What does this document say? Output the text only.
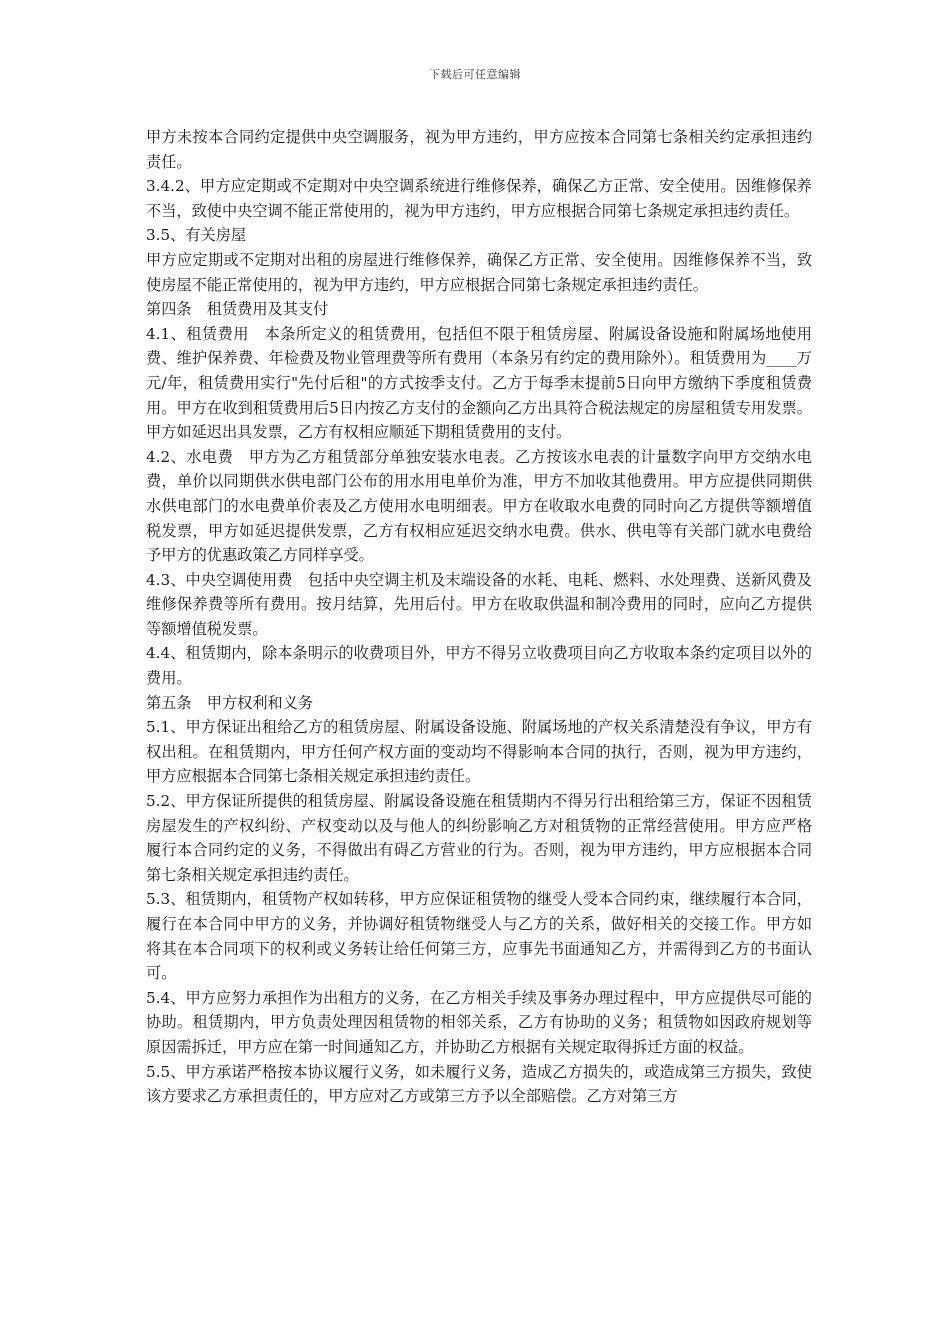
下载后可任意编辑

甲方未按本合同约定提供中央空调服务，视为甲方违约，甲方应按本合同第七条相关约定承担违约责任。

3.4.2、甲方应定期或不定期对中央空调系统进行维修保养，确保乙方正常、安全使用。因维修保养不当，致使中央空调不能正常使用的，视为甲方违约，甲方应根据合同第七条规定承担违约责任。

3.5、有关房屋

甲方应定期或不定期对出租的房屋进行维修保养，确保乙方正常、安全使用。因维修保养不当，致使房屋不能正常使用的，视为甲方违约，甲方应根据合同第七条规定承担违约责任。

第四条　租赁费用及其支付

4.1、租赁费用　本条所定义的租赁费用，包括但不限于租赁房屋、附属设备设施和附属场地使用费、维护保养费、年检费及物业管理费等所有费用（本条另有约定的费用除外）。租赁费用为____万元/年，租赁费用实行"先付后租"的方式按季支付。乙方于每季末提前5日向甲方缴纳下季度租赁费用。甲方在收到租赁费用后5日内按乙方支付的金额向乙方出具符合税法规定的房屋租赁专用发票。甲方如延迟出具发票，乙方有权相应顺延下期租赁费用的支付。

4.2、水电费　甲方为乙方租赁部分单独安装水电表。乙方按该水电表的计量数字向甲方交纳水电费，单价以同期供水供电部门公布的用水用电单价为准，甲方不加收其他费用。甲方应提供同期供水供电部门的水电费单价表及乙方使用水电明细表。甲方在收取水电费的同时向乙方提供等额增值税发票，甲方如延迟提供发票，乙方有权相应延迟交纳水电费。供水、供电等有关部门就水电费给予甲方的优惠政策乙方同样享受。

4.3、中央空调使用费　包括中央空调主机及末端设备的水耗、电耗、燃料、水处理费、送新风费及维修保养费等所有费用。按月结算，先用后付。甲方在收取供温和制冷费用的同时，应向乙方提供等额增值税发票。

4.4、租赁期内，除本条明示的收费项目外，甲方不得另立收费项目向乙方收取本条约定项目以外的费用。

第五条　甲方权利和义务

5.1、甲方保证出租给乙方的租赁房屋、附属设备设施、附属场地的产权关系清楚没有争议，甲方有权出租。在租赁期内，甲方任何产权方面的变动均不得影响本合同的执行，否则，视为甲方违约，甲方应根据本合同第七条相关规定承担违约责任。

5.2、甲方保证所提供的租赁房屋、附属设备设施在租赁期内不得另行出租给第三方，保证不因租赁房屋发生的产权纠纷、产权变动以及与他人的纠纷影响乙方对租赁物的正常经营使用。甲方应严格履行本合同约定的义务，不得做出有碍乙方营业的行为。否则，视为甲方违约，甲方应根据本合同第七条相关规定承担违约责任。

5.3、租赁期内，租赁物产权如转移，甲方应保证租赁物的继受人受本合同约束，继续履行本合同，履行在本合同中甲方的义务，并协调好租赁物继受人与乙方的关系，做好相关的交接工作。甲方如将其在本合同项下的权利或义务转让给任何第三方，应事先书面通知乙方，并需得到乙方的书面认可。

5.4、甲方应努力承担作为出租方的义务，在乙方相关手续及事务办理过程中，甲方应提供尽可能的协助。租赁期内，甲方负责处理因租赁物的相邻关系，乙方有协助的义务；租赁物如因政府规划等原因需拆迁，甲方应在第一时间通知乙方，并协助乙方根据有关规定取得拆迁方面的权益。

5.5、甲方承诺严格按本协议履行义务，如未履行义务，造成乙方损失的，或造成第三方损失，致使该方要求乙方承担责任的，甲方应对乙方或第三方予以全部赔偿。乙方对第三方
